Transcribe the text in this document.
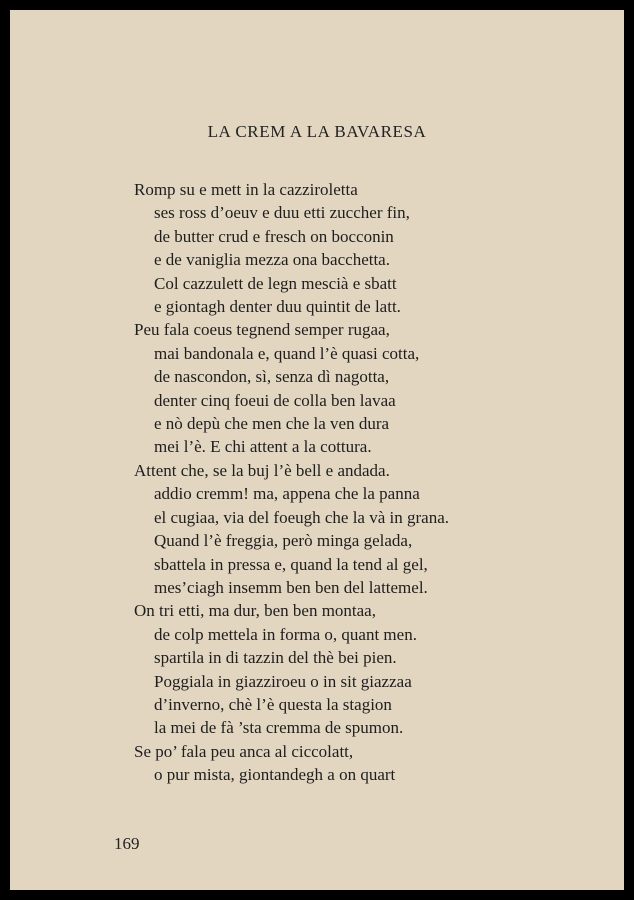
LA CREM A LA BAVARESA
Romp su e mett in la cazziroletta
ses ross d’oeuv e duu etti zuccher fin,
de butter crud e fresch on bocconin
e de vaniglia mezza ona bacchetta.
Col cazzulett de legn mescià e sbatt
e giontagh denter duu quintit de latt.
Peu fala coeus tegnend semper rugaa,
mai bandonala e, quand l’è quasi cotta,
de nascondon, sì, senza dì nagotta,
denter cinq foeui de colla ben lavaa
e nò depù che men che la ven dura
mei l’è. E chi attent a la cottura.
Attent che, se la buj l’è bell e andada.
addio cremm! ma, appena che la panna
el cugiaa, via del foeugh che la và in grana.
Quand l’è freggia, però minga gelada,
sbattela in pressa e, quand la tend al gel,
mes’ciagh insemm ben ben del lattemel.
On tri etti, ma dur, ben ben montaa,
de colp mettela in forma o, quant men.
spartila in di tazzin del thè bei pien.
Poggiala in giazziroeu o in sit giazzaa
d’inverno, chè l’è questa la stagion
la mei de fà ’sta cremma de spumon.
Se po’ fala peu anca al ciccolatt,
o pur mista, giontandegh a on quart
169
